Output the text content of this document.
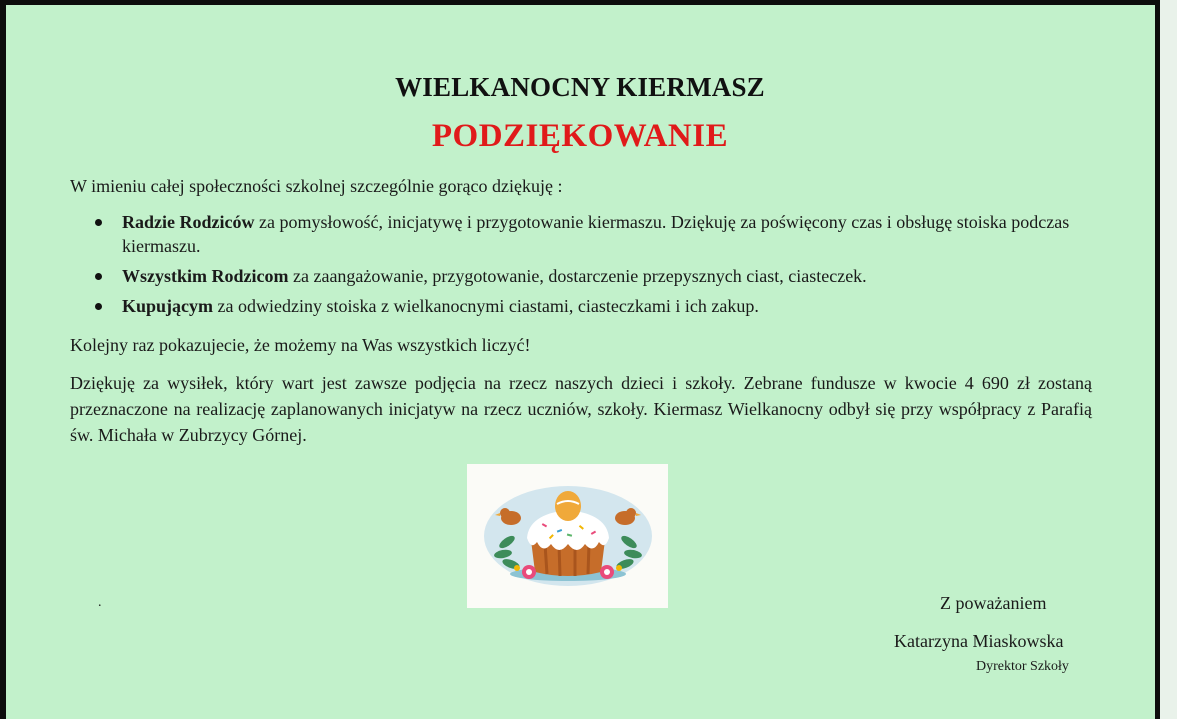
WIELKANOCNY KIERMASZ
PODZIĘKOWANIE
W imieniu całej społeczności szkolnej szczególnie gorąco dziękuję :
Radzie Rodziców za pomysłowość, inicjatywę i przygotowanie kiermaszu. Dziękuję za poświęcony czas i obsługę stoiska podczas kiermaszu.
Wszystkim Rodzicom za zaangażowanie, przygotowanie, dostarczenie przepysznych ciast, ciasteczek.
Kupującym za odwiedziny stoiska z wielkanocnymi ciastami, ciasteczkami i ich zakup.
Kolejny raz pokazujecie, że możemy na Was wszystkich liczyć!
Dziękuję za wysiłek, który wart jest zawsze podjęcia na rzecz naszych dzieci i szkoły. Zebrane fundusze w kwocie 4 690 zł zostaną przeznaczone na realizację zaplanowanych inicjatyw na rzecz uczniów, szkoły. Kiermasz Wielkanocny odbył się przy współpracy z Parafią św. Michała w Zubrzycy Górnej.
.	Z poważaniem
Katarzyna Miaskowska
Dyrektor Szkoły
